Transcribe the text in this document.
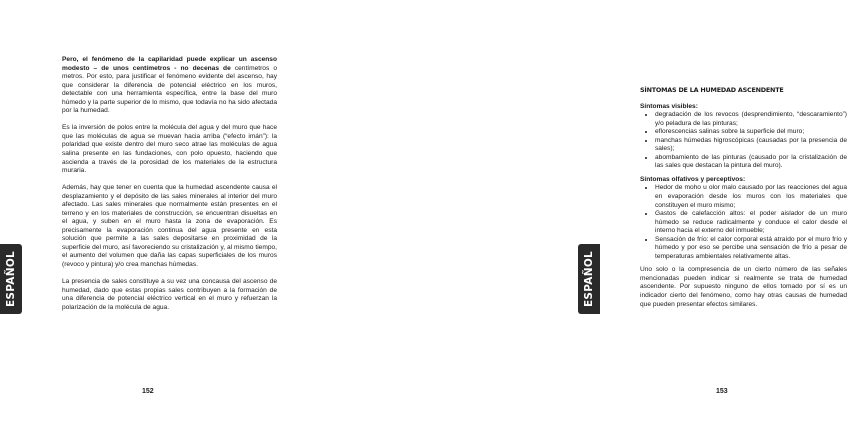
ESPAÑOL

Pero, el fenómeno de la capilaridad puede explicar un ascenso modesto – de unos centímetros - no decenas de centímetros o metros. Por esto, para justificar el fenómeno evidente del ascenso, hay que considerar la diferencia de potencial eléctrico en los muros, detectable con una herramienta específica, entre la base del muro húmedo y la parte superior de lo mismo, que todavía no ha sido afectada por la humedad.

Es la inversión de polos entre la molécula del agua y del muro que hace que las moléculas de agua se muevan hacia arriba (“efecto imán”): la polaridad que existe dentro del muro seco atrae las moléculas de agua salina presente en las fundaciones, con polo opuesto, haciendo que ascienda a través de la porosidad de los materiales de la estructura muraria.

Además, hay que tener en cuenta que la humedad ascendente causa el desplazamiento y el depósito de las sales minerales al interior del muro afectado. Las sales minerales que normalmente están presentes en el terreno y en los materiales de construcción, se encuentran disueltas en el agua, y suben en el muro hasta la zona de evaporación. Es precisamente la evaporación continua del agua presente en esta solución que permite a las sales depositarse en proximidad de la superficie del muro, así favoreciendo su cristalización y, al mismo tiempo, el aumento del volumen que daña las capas superficiales de los muros (revoco y pintura) y/o crea manchas húmedas.

La presencia de sales constituye a su vez una concausa del ascenso de humedad, dado que estas propias sales contribuyen a la formación de una diferencia de potencial eléctrico vertical en el muro y refuerzan la polarización de la molécula de agua.

152
ESPAÑOL
SÍNTOMAS DE LA HUMEDAD ASCENDENTE
Síntomas visibles:
• degradación de los revocos (desprendimiento, “descaramiento”) y/o peladura de las pinturas;
• eflorescencias salinas sobre la superficie del muro;
• manchas húmedas higroscópicas (causadas por la presencia de sales);
• abombamiento de las pinturas (causado por la cristalización de las sales que destacan la pintura del muro).
Síntomas olfativos y perceptivos:
• Hedor de moho u olor malo causado por las reacciones del agua en evaporación desde los muros con los materiales que constituyen el muro mismo;
• Gastos de calefacción altos: el poder aislador de un muro húmedo se reduce radicalmente y conduce el calor desde el interno hacia el externo del inmueble;
• Sensación de frío: el calor corporal está atraído por el muro frío y húmedo y por eso se percibe una sensación de frío a pesar de temperaturas ambientales relativamente altas.

Uno solo o la compresencia de un cierto número de las señales mencionadas pueden indicar si realmente se trata de humedad ascendente. Por supuesto ninguno de ellos tomado por sí es un indicador cierto del fenómeno, como hay otras causas de humedad que pueden presentar efectos similares.

153
